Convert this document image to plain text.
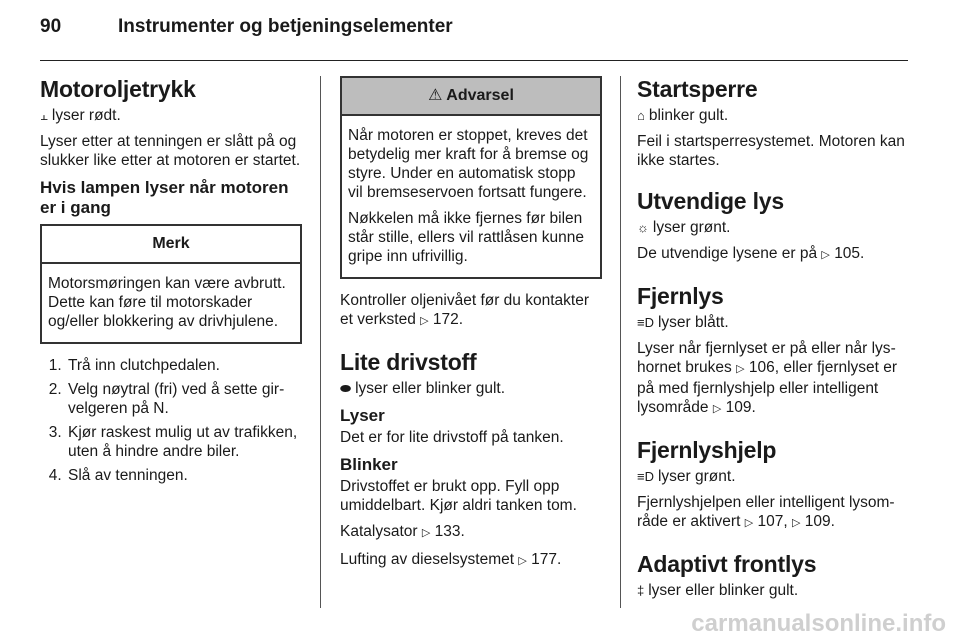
90	Instrumenter og betjeningselementer
Motoroljetrykk

⫠ lyser rødt.

Lyser etter at tenningen er slått på og slukker like etter at motoren er startet.

Hvis lampen lyser når motoren er i gang
Merk

Motorsmøringen kan være avbrutt. Dette kan føre til motorskader og/eller blokkering av drivhjulene.

1. Trå inn clutchpedalen.
2. Velg nøytral (fri) ved å sette girvelgeren på N.
3. Kjør raskest mulig ut av trafikken, uten å hindre andre biler.
4. Slå av tenningen.
⚠ Advarsel

Når motoren er stoppet, kreves det betydelig mer kraft for å bremse og styre. Under en automatisk stopp vil bremseservoen fortsatt fungere.

Nøkkelen må ikke fjernes før bilen står stille, ellers vil rattlåsen kunne gripe inn ufrivillig.

Kontroller oljenivået før du kontakter et verksted ▷ 172.

Lite drivstoff

⬬ lyser eller blinker gult.

Lyser

Det er for lite drivstoff på tanken.

Blinker

Drivstoffet er brukt opp. Fyll opp umiddelbart. Kjør aldri tanken tom.

Katalysator ▷ 133.

Lufting av dieselsystemet ▷ 177.

Startsperre

⌂ blinker gult.

Feil i startsperresystemet. Motoren kan ikke startes.

Utvendige lys

☼ lyser grønt.

De utvendige lysene er på ▷ 105.

Fjernlys

≡D lyser blått.

Lyser når fjernlyset er på eller når lyshornet brukes ▷ 106, eller fjernlyset er på med fjernlyshjelp eller intelligent lysområde ▷ 109.

Fjernlyshjelp

≡D lyser grønt.

Fjernlyshjelpen eller intelligent lysområde er aktivert ▷ 107, ▷ 109.

Adaptivt frontlys

‡ lyser eller blinker gult.

carmanualsonline.info
